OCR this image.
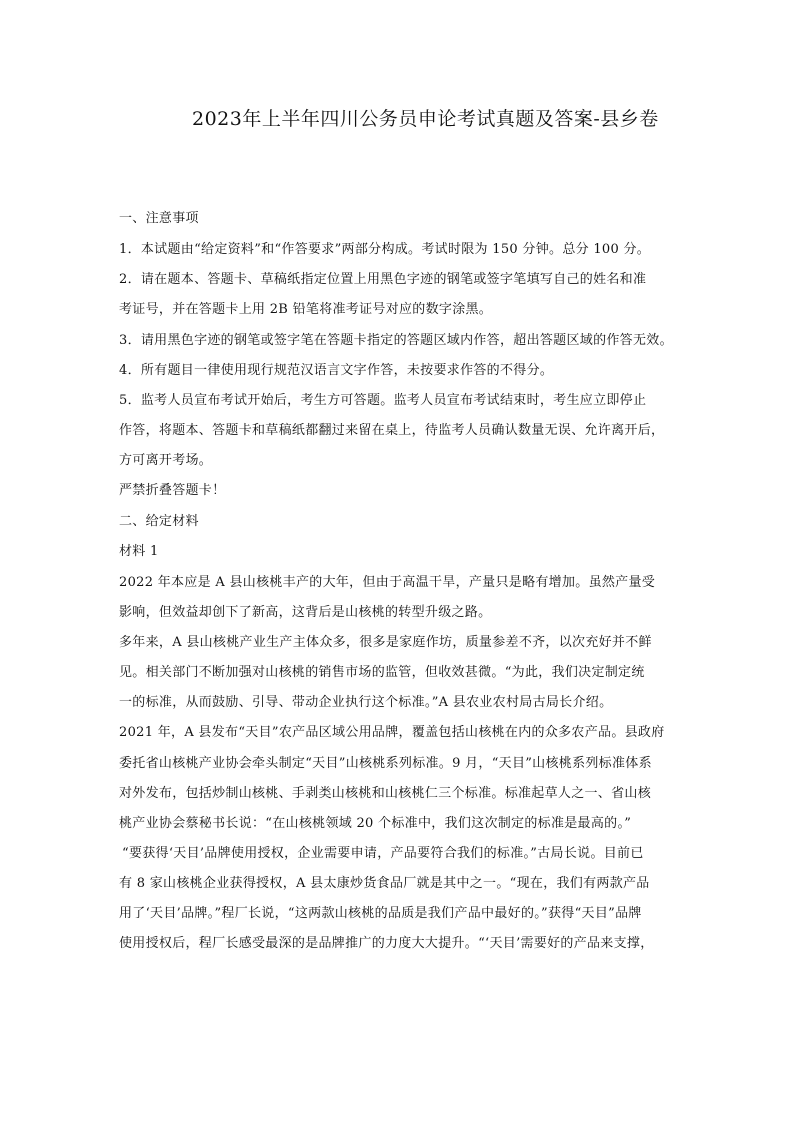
2023年上半年四川公务员申论考试真题及答案-县乡卷
一、注意事项
1．本试题由“给定资料”和“作答要求”两部分构成。考试时限为 150 分钟。总分 100 分。
2．请在题本、答题卡、草稿纸指定位置上用黑色字迹的钢笔或签字笔填写自己的姓名和准
考证号，并在答题卡上用 2B 铅笔将准考证号对应的数字涂黑。
3．请用黑色字迹的钢笔或签字笔在答题卡指定的答题区域内作答，超出答题区域的作答无效。
4．所有题目一律使用现行规范汉语言文字作答，未按要求作答的不得分。
5．监考人员宣布考试开始后，考生方可答题。监考人员宣布考试结束时，考生应立即停止
作答，将题本、答题卡和草稿纸都翻过来留在桌上，待监考人员确认数量无误、允许离开后，
方可离开考场。
严禁折叠答题卡！
二、给定材料
材料 1
2022 年本应是 A 县山核桃丰产的大年，但由于高温干旱，产量只是略有增加。虽然产量受
影响，但效益却创下了新高，这背后是山核桃的转型升级之路。
多年来，A 县山核桃产业生产主体众多，很多是家庭作坊，质量参差不齐，以次充好并不鲜
见。相关部门不断加强对山核桃的销售市场的监管，但收效甚微。“为此，我们决定制定统
一的标准，从而鼓励、引导、带动企业执行这个标准。”A 县农业农村局古局长介绍。
2021 年，A 县发布“天目”农产品区域公用品牌，覆盖包括山核桃在内的众多农产品。县政府
委托省山核桃产业协会牵头制定“天目”山核桃系列标准。9 月，“天目”山核桃系列标准体系
对外发布，包括炒制山核桃、手剥类山核桃和山核桃仁三个标准。标准起草人之一、省山核
桃产业协会蔡秘书长说：“在山核桃领域 20 个标准中，我们这次制定的标准是最高的。”
“要获得‘天目’品牌使用授权，企业需要申请，产品要符合我们的标准。”古局长说。目前已
有 8 家山核桃企业获得授权，A 县太康炒货食品厂就是其中之一。“现在，我们有两款产品
用了‘天目’品牌。”程厂长说，“这两款山核桃的品质是我们产品中最好的。”获得“天目”品牌
使用授权后，程厂长感受最深的是品牌推广的力度大大提升。“‘天目’需要好的产品来支撑，
